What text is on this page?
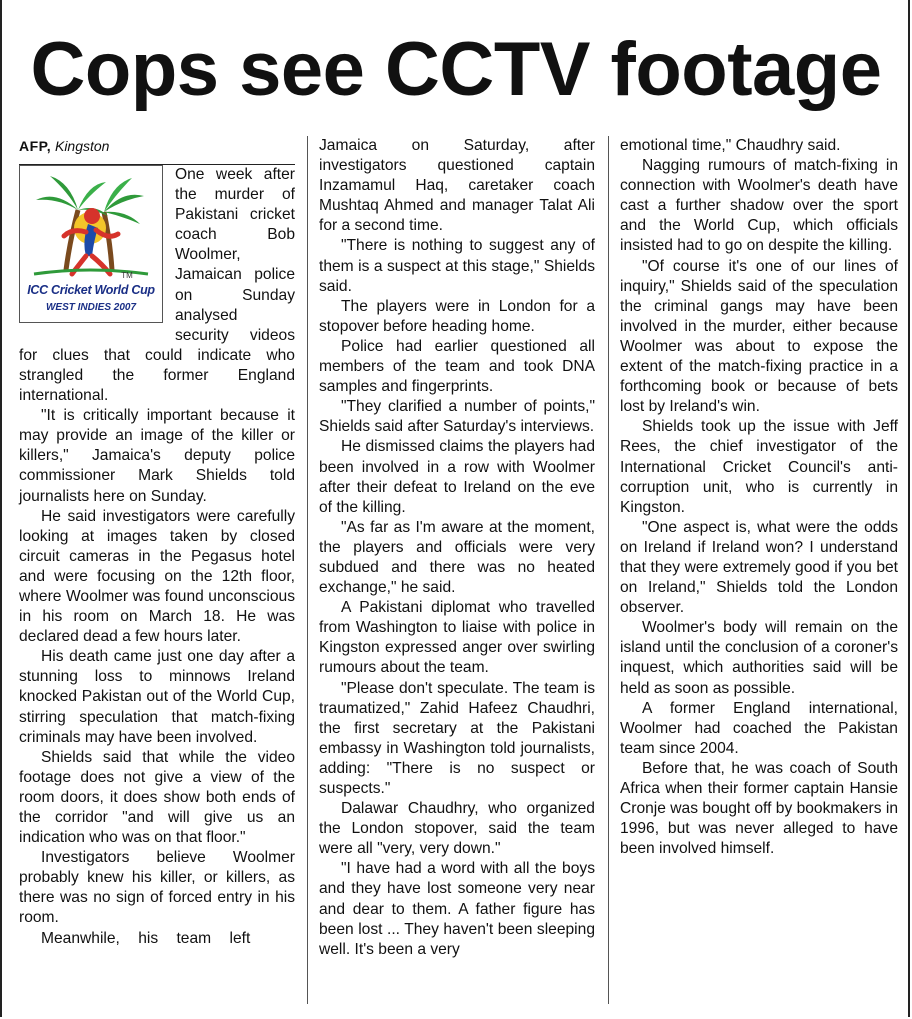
Cops see CCTV footage

AFP, Kingston

TM
ICC Cricket World Cup
WEST INDIES 2007

One week after the murder of Pakistani cricket coach Bob Woolmer, Jamaican police on Sunday analysed security videos for clues that could indicate who strangled the former England international.

"It is critically important because it may provide an image of the killer or killers," Jamaica's deputy police commissioner Mark Shields told journalists here on Sunday.

He said investigators were carefully looking at images taken by closed circuit cameras in the Pegasus hotel and were focusing on the 12th floor, where Woolmer was found unconscious in his room on March 18. He was declared dead a few hours later.

His death came just one day after a stunning loss to minnows Ireland knocked Pakistan out of the World Cup, stirring speculation that match-fixing criminals may have been involved.

Shields said that while the video footage does not give a view of the room doors, it does show both ends of the corridor "and will give us an indication who was on that floor."

Investigators believe Woolmer probably knew his killer, or killers, as there was no sign of forced entry in his room.

Meanwhile, his team left

Jamaica on Saturday, after investigators questioned captain Inzamamul Haq, caretaker coach Mushtaq Ahmed and manager Talat Ali for a second time.

"There is nothing to suggest any of them is a suspect at this stage," Shields said.

The players were in London for a stopover before heading home.

Police had earlier questioned all members of the team and took DNA samples and fingerprints.

"They clarified a number of points," Shields said after Saturday's interviews.

He dismissed claims the players had been involved in a row with Woolmer after their defeat to Ireland on the eve of the killing.

"As far as I'm aware at the moment, the players and officials were very subdued and there was no heated exchange," he said.

A Pakistani diplomat who travelled from Washington to liaise with police in Kingston expressed anger over swirling rumours about the team.

"Please don't speculate. The team is traumatized," Zahid Hafeez Chaudhri, the first secretary at the Pakistani embassy in Washington told journalists, adding: "There is no suspect or suspects."

Dalawar Chaudhry, who organized the London stopover, said the team were all "very, very down."

"I have had a word with all the boys and they have lost someone very near and dear to them. A father figure has been lost ... They haven't been sleeping well. It's been a very

emotional time," Chaudhry said.

Nagging rumours of match-fixing in connection with Woolmer's death have cast a further shadow over the sport and the World Cup, which officials insisted had to go on despite the killing.

"Of course it's one of our lines of inquiry," Shields said of the speculation the criminal gangs may have been involved in the murder, either because Woolmer was about to expose the extent of the match-fixing practice in a forthcoming book or because of bets lost by Ireland's win.

Shields took up the issue with Jeff Rees, the chief investigator of the International Cricket Council's anti-corruption unit, who is currently in Kingston.

"One aspect is, what were the odds on Ireland if Ireland won? I understand that they were extremely good if you bet on Ireland," Shields told the London observer.

Woolmer's body will remain on the island until the conclusion of a coroner's inquest, which authorities said will be held as soon as possible.

A former England international, Woolmer had coached the Pakistan team since 2004.

Before that, he was coach of South Africa when their former captain Hansie Cronje was bought off by bookmakers in 1996, but was never alleged to have been involved himself.
